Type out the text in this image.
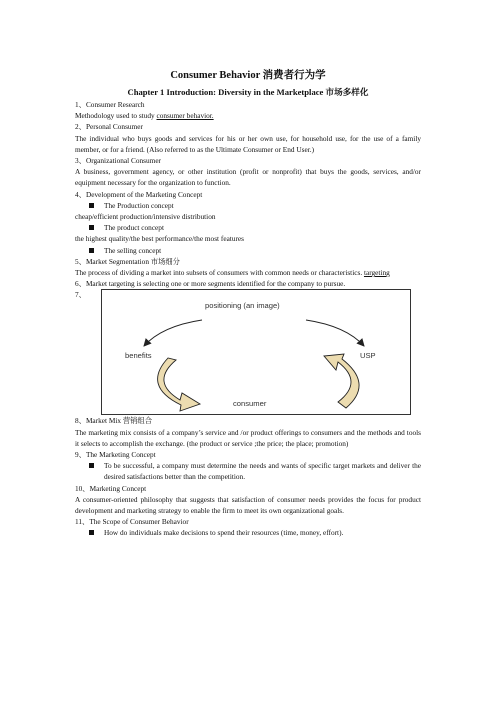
Consumer Behavior 消费者行为学
Chapter 1 Introduction: Diversity in the Marketplace 市场多样化

1、Consumer Research

Methodology used to study consumer behavior.

2、Personal Consumer

The individual who buys goods and services for his or her own use, for household use, for the use of a family member, or for a friend. (Also referred to as the Ultimate Consumer or End User.)

3、Organizational Consumer

A business, government agency, or other institution (profit or nonprofit) that buys the goods, services, and/or equipment necessary for the organization to function.

4、Development of the Marketing Concept

The Production concept

cheap/efficient production/intensive distribution

The product concept

the highest quality/the best performance/the most features

The selling concept

5、Market Segmentation 市场细分

The process of dividing a market into subsets of consumers with common needs or characteristics. targeting

6、Market targeting is selecting one or more segments identified for the company to pursue.

7、
positioning (an image)
benefits	USP
consumer

8、Market Mix 营销组合

The marketing mix consists of a company’s service and /or product offerings to consumers and the methods and tools it selects to accomplish the exchange. (the product or service ;the price; the place; promotion)

9、The Marketing Concept

To be successful, a company must determine the needs and wants of specific target markets and deliver the desired satisfactions better than the competition.

10、Marketing Concept

A consumer-oriented philosophy that suggests that satisfaction of consumer needs provides the focus for product development and marketing strategy to enable the firm to meet its own organizational goals.

11、The Scope of Consumer Behavior

How do individuals make decisions to spend their resources (time, money, effort).
